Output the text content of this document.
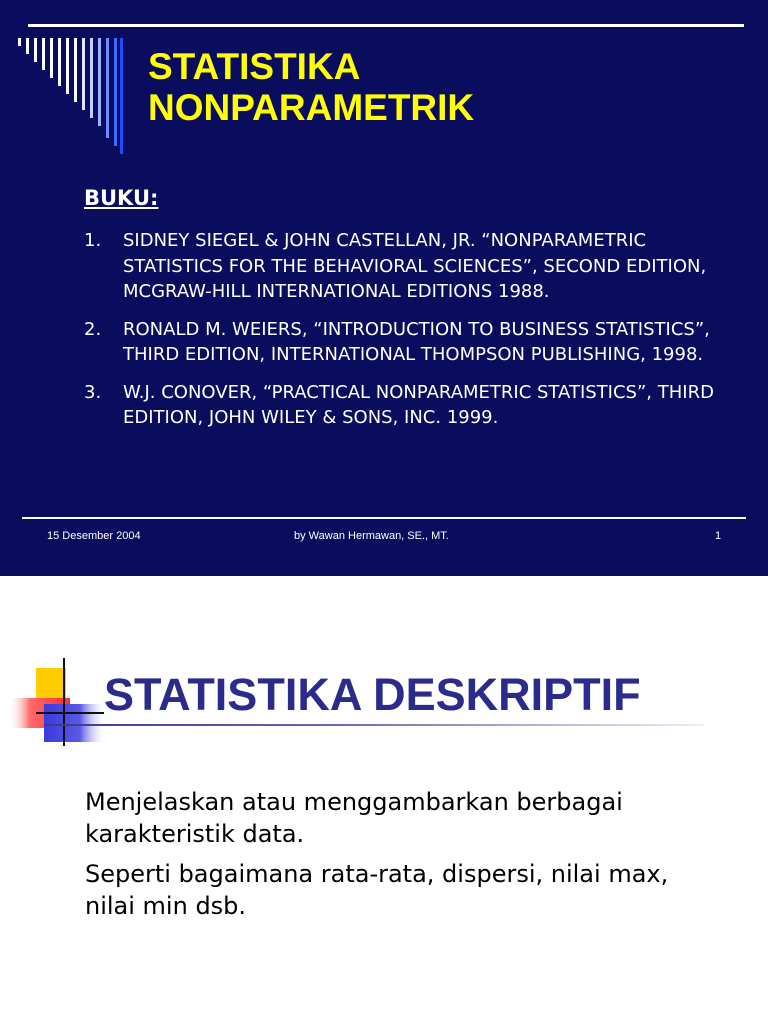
STATISTIKA
NONPARAMETRIK
BUKU:
1. SIDNEY SIEGEL & JOHN CASTELLAN, JR. “NONPARAMETRIC STATISTICS FOR THE BEHAVIORAL SCIENCES”, SECOND EDITION, MCGRAW-HILL INTERNATIONAL EDITIONS 1988.
2. RONALD M. WEIERS, “INTRODUCTION TO BUSINESS STATISTICS”, THIRD EDITION, INTERNATIONAL THOMPSON PUBLISHING, 1998.
3. W.J. CONOVER, “PRACTICAL NONPARAMETRIC STATISTICS”, THIRD EDITION, JOHN WILEY & SONS, INC. 1999.
15 Desember 2004	by Wawan Hermawan, SE., MT.	1
STATISTIKA DESKRIPTIF

Menjelaskan atau menggambarkan berbagai karakteristik data.

Seperti bagaimana rata-rata, dispersi, nilai max, nilai min dsb.
